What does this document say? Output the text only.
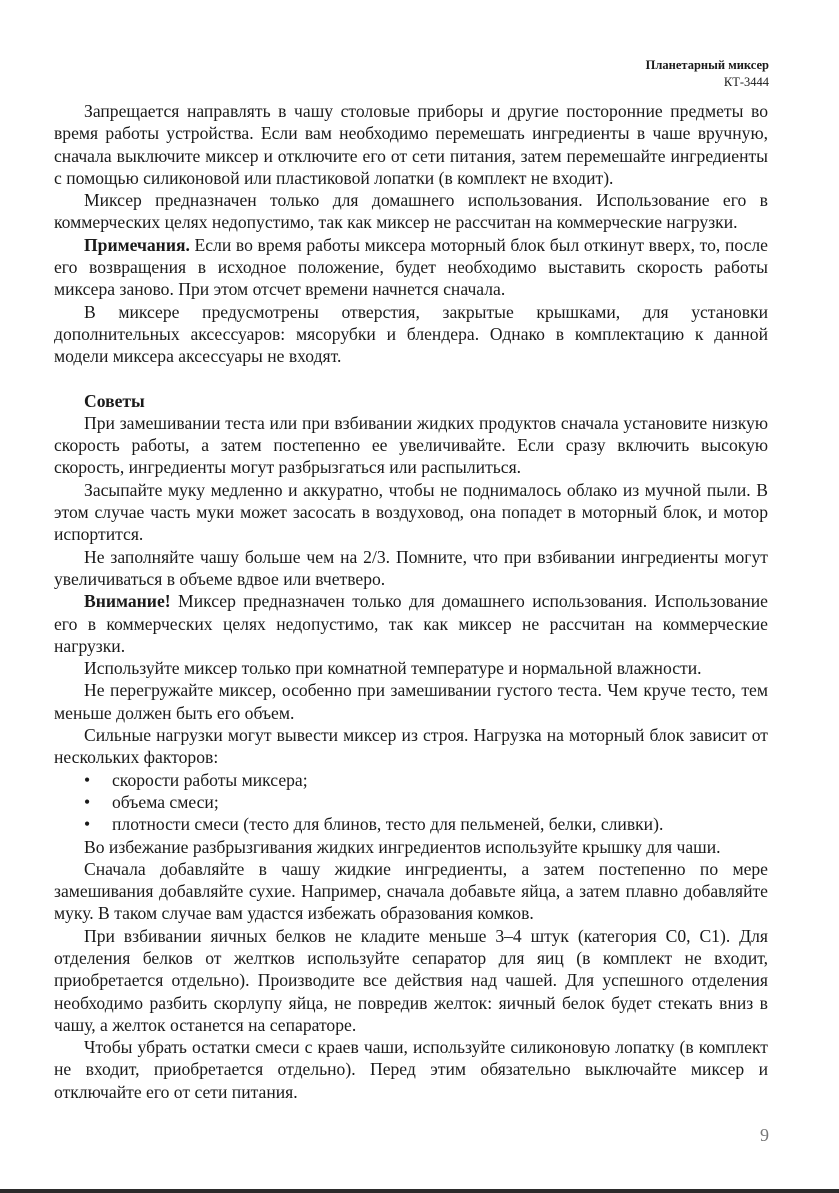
Планетарный миксер
КТ-3444

Запрещается направлять в чашу столовые приборы и другие посторонние предметы во время работы устройства. Если вам необходимо перемешать ингредиенты в чаше вручную, сначала выключите миксер и отключите его от сети питания, затем перемешайте ингредиенты с помощью силиконовой или пластиковой лопатки (в комплект не входит).

Миксер предназначен только для домашнего использования. Использование его в коммерческих целях недопустимо, так как миксер не рассчитан на коммерческие нагрузки.

Примечания. Если во время работы миксера моторный блок был откинут вверх, то, после его возвращения в исходное положение, будет необходимо выставить скорость работы миксера заново. При этом отсчет времени начнется сначала.

В миксере предусмотрены отверстия, закрытые крышками, для установки дополнительных аксессуаров: мясорубки и блендера. Однако в комплектацию к данной модели миксера аксессуары не входят.

Советы

При замешивании теста или при взбивании жидких продуктов сначала установите низкую скорость работы, а затем постепенно ее увеличивайте. Если сразу включить высокую скорость, ингредиенты могут разбрызгаться или распылиться.

Засыпайте муку медленно и аккуратно, чтобы не поднималось облако из мучной пыли. В этом случае часть муки может засосать в воздуховод, она попадет в моторный блок, и мотор испортится.

Не заполняйте чашу больше чем на 2/3. Помните, что при взбивании ингредиенты могут увеличиваться в объеме вдвое или вчетверо.

Внимание! Миксер предназначен только для домашнего использования. Использование его в коммерческих целях недопустимо, так как миксер не рассчитан на коммерческие нагрузки.

Используйте миксер только при комнатной температуре и нормальной влажности.

Не перегружайте миксер, особенно при замешивании густого теста. Чем круче тесто, тем меньше должен быть его объем.

Сильные нагрузки могут вывести миксер из строя. Нагрузка на моторный блок зависит от нескольких факторов:

• скорости работы миксера;
• объема смеси;
• плотности смеси (тесто для блинов, тесто для пельменей, белки, сливки).

Во избежание разбрызгивания жидких ингредиентов используйте крышку для чаши.

Сначала добавляйте в чашу жидкие ингредиенты, а затем постепенно по мере замешивания добавляйте сухие. Например, сначала добавьте яйца, а затем плавно добавляйте муку. В таком случае вам удастся избежать образования комков.

При взбивании яичных белков не кладите меньше 3–4 штук (категория С0, С1). Для отделения белков от желтков используйте сепаратор для яиц (в комплект не входит, приобретается отдельно). Производите все действия над чашей. Для успешного отделения необходимо разбить скорлупу яйца, не повредив желток: яичный белок будет стекать вниз в чашу, а желток останется на сепараторе.

Чтобы убрать остатки смеси с краев чаши, используйте силиконовую лопатку (в комплект не входит, приобретается отдельно). Перед этим обязательно выключайте миксер и отключайте его от сети питания.

9
